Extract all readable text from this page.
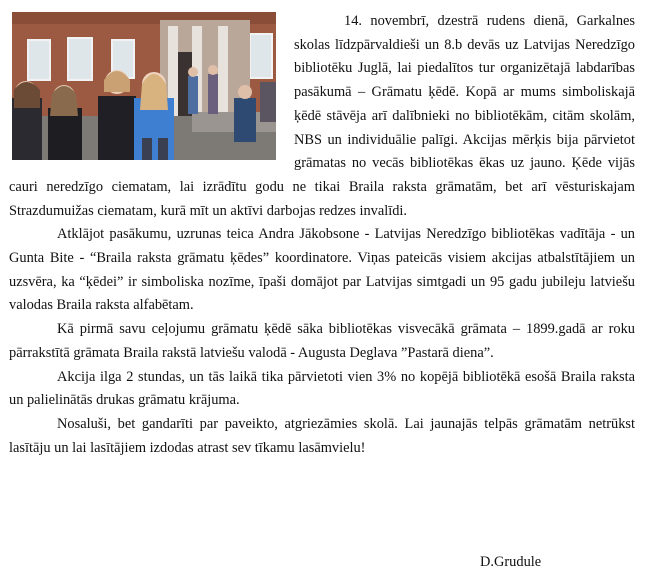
14. novembrī, dzestrā rudens dienā, Garkalnes skolas līdzpārvaldieši un 8.b devās uz Latvijas Neredzīgo bibliotēku Juglā, lai piedalītos tur organizētajā labdarības pasākumā – Grāmatu ķēdē. Kopā ar mums simboliskajā ķēdē stāvēja arī dalībnieki no bibliotēkām, citām skolām, NBS un individuālie palīgi. Akcijas mērķis bija pārvietot grāmatas no vecās bibliotēkas ēkas uz jauno. Ķēde vijās cauri neredzīgo ciematam, lai izrādītu godu ne tikai Braila raksta grāmatām, bet arī vēsturiskajam Strazdumuižas ciematam, kurā mīt un aktīvi darbojas redzes invalīdi.

Atklājot pasākumu, uzrunas teica Andra Jākobsone - Latvijas Neredzīgo bibliotēkas vadītāja - un Gunta Bite - “Braila raksta grāmatu ķēdes” koordinatore. Viņas pateicās visiem akcijas atbalstītājiem un uzsvēra, ka “ķēdei” ir simboliska nozīme, īpaši domājot par Latvijas simtgadi un 95 gadu jubileju latviešu valodas Braila raksta alfabētam.

Kā pirmā savu ceļojumu grāmatu ķēdē sāka bibliotēkas visvecākā grāmata – 1899.gadā ar roku pārrakstītā grāmata Braila rakstā latviešu valodā - Augusta Deglava ”Pastarā diena”.

Akcija ilga 2 stundas, un tās laikā tika pārvietoti vien 3% no kopējā bibliotēkā esošā Braila raksta un palielinātās drukas grāmatu krājuma.

Nosaluši, bet gandarīti par paveikto, atgriezāmies skolā. Lai jaunajās telpās grāmatām netrūkst lasītāju un lai lasītājiem izdodas atrast sev tīkamu lasāmvielu!

D.Grudule
